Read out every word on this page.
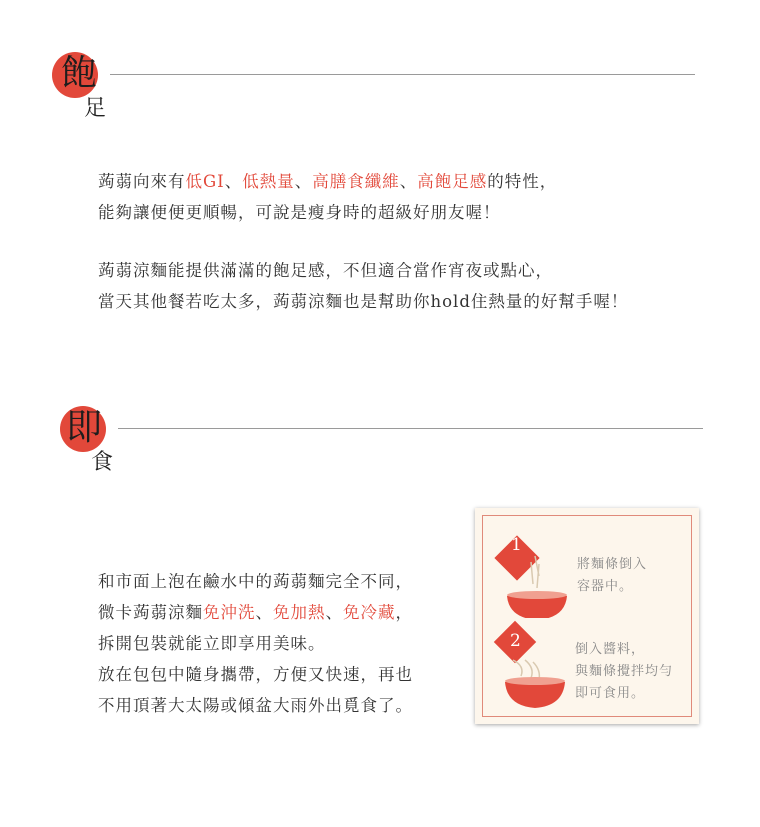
飽
足
蒟蒻向來有低GI、低熱量、高膳食纖維、高飽足感的特性，
能夠讓便便更順暢，可說是瘦身時的超級好朋友喔！
蒟蒻涼麵能提供滿滿的飽足感，不但適合當作宵夜或點心，
當天其他餐若吃太多，蒟蒻涼麵也是幫助你hold住熱量的好幫手喔！
即
食
和市面上泡在鹼水中的蒟蒻麵完全不同，
微卡蒟蒻涼麵免沖洗、免加熱、免冷藏，
拆開包裝就能立即享用美味。
放在包包中隨身攜帶，方便又快速，再也
不用頂著大太陽或傾盆大雨外出覓食了。
1
將麵條倒入
容器中。
2	倒入醬料，
與麵條攪拌均勻
即可食用。
